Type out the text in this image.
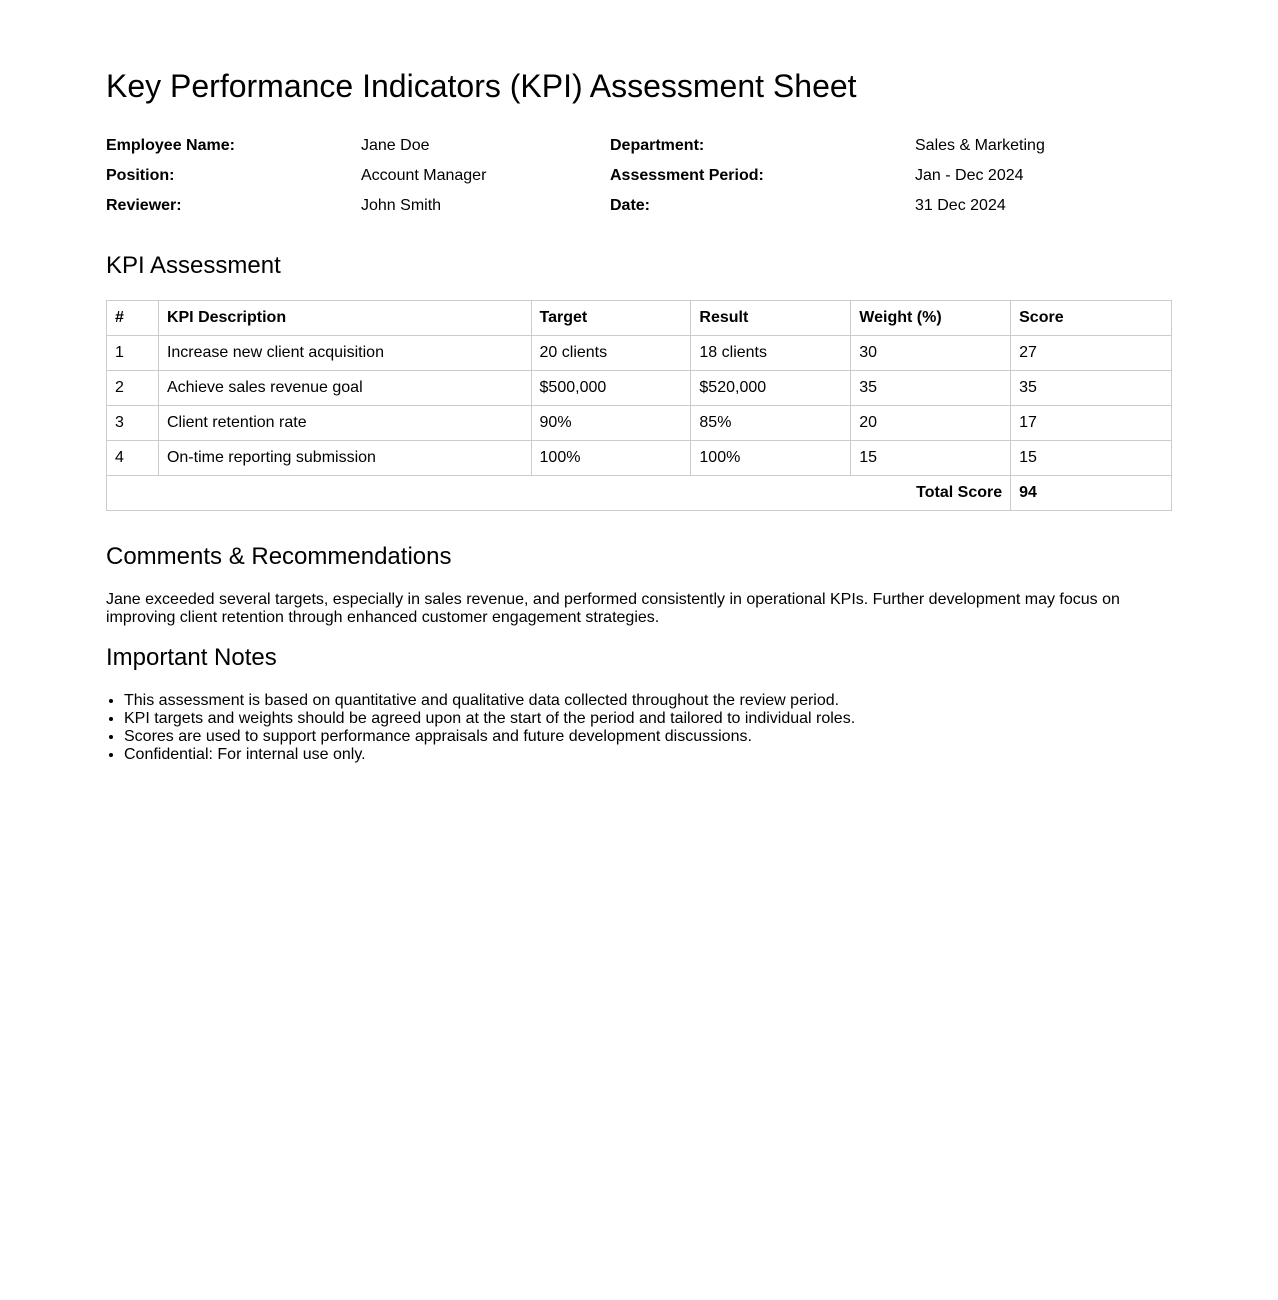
Key Performance Indicators (KPI) Assessment Sheet
Employee Name:	Jane Doe	Department:	Sales & Marketing
Position:	Account Manager	Assessment Period:	Jan - Dec 2024
Reviewer:	John Smith	Date:	31 Dec 2024
KPI Assessment
#	KPI Description	Target	Result	Weight (%)	Score
1	Increase new client acquisition	20 clients	18 clients	30	27
2	Achieve sales revenue goal	$500,000	$520,000	35	35
3	Client retention rate	90%	85%	20	17
4	On-time reporting submission	100%	100%	15	15
Total Score					94
Comments & Recommendations

Jane exceeded several targets, especially in sales revenue, and performed consistently in operational KPIs. Further development may focus on improving client retention through enhanced customer engagement strategies.

Important Notes
• This assessment is based on quantitative and qualitative data collected throughout the review period.
• KPI targets and weights should be agreed upon at the start of the period and tailored to individual roles.
• Scores are used to support performance appraisals and future development discussions.
• Confidential: For internal use only.
